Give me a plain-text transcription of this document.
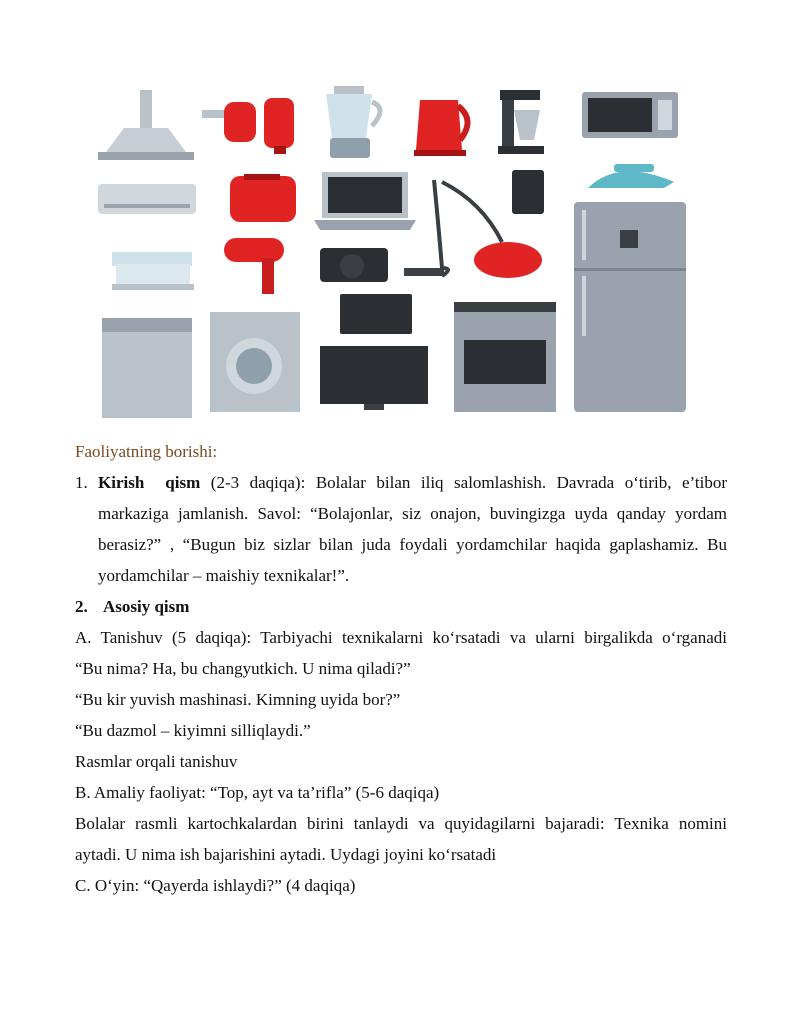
Faoliyatning borishi:
1. Kirish  qism (2-3 daqiqa): Bolalar bilan iliq salomlashish. Davrada o‘tirib, e’tibor
markaziga jamlanish. Savol: “Bolajonlar, siz onajon, buvingizga uyda qanday yordam
berasiz?” , “Bugun biz sizlar bilan juda foydali yordamchilar haqida gaplashamiz. Bu
yordamchilar – maishiy texnikalar!”.
2. Asosiy qism
A. Tanishuv (5 daqiqa): Tarbiyachi texnikalarni ko‘rsatadi va ularni birgalikda o‘rganadi
“Bu nima? Ha, bu changyutkich. U nima qiladi?”
“Bu kir yuvish mashinasi. Kimning uyida bor?”
“Bu dazmol – kiyimni silliqlaydi.”
Rasmlar orqali tanishuv
B. Amaliy faoliyat: “Top, ayt va ta’rifla” (5-6 daqiqa)
Bolalar rasmli kartochkalardan birini tanlaydi va quyidagilarni bajaradi: Texnika nomini
aytadi. U nima ish bajarishini aytadi. Uydagi joyini ko‘rsatadi
C. O‘yin: “Qayerda ishlaydi?” (4 daqiqa)
